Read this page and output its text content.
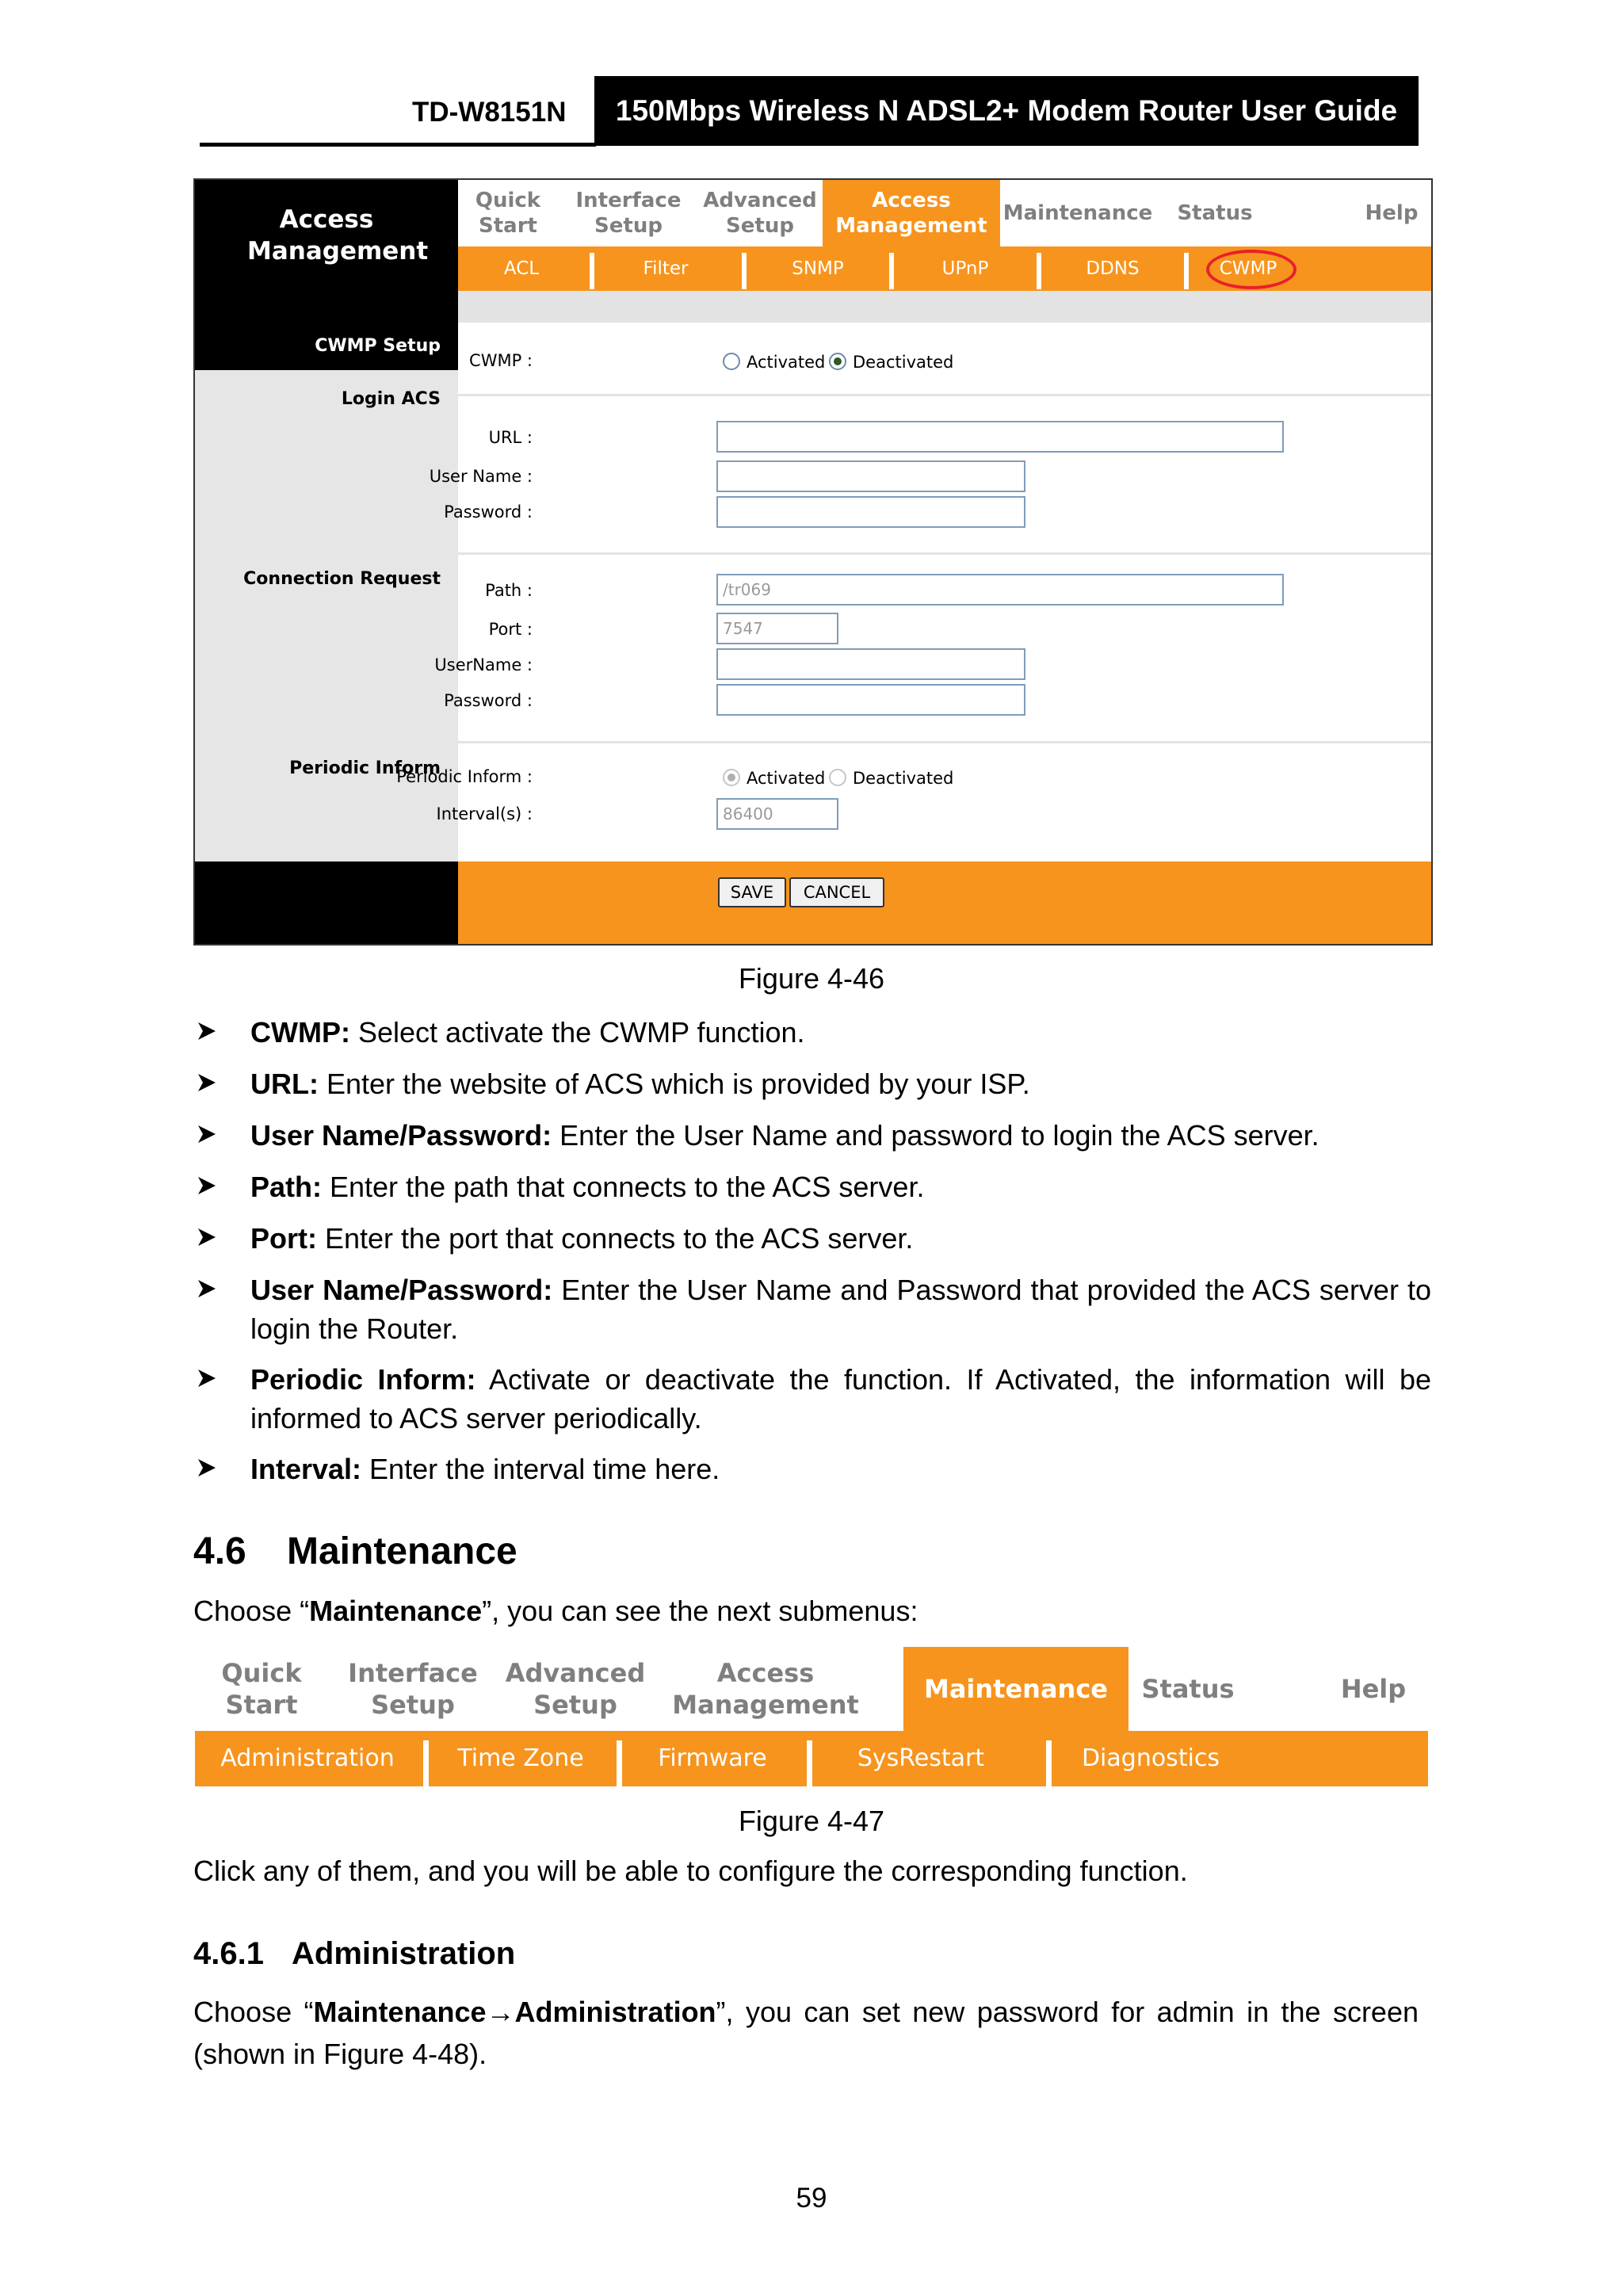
TD-W8151N	150Mbps Wireless N ADSL2+ Modem Router User Guide
Access Management
Quick Start
Interface Setup
Advanced Setup
Access Management
Maintenance	Status	Help
ACL	Filter	SNMP	UPnP	DDNS	CWMP
CWMP Setup
Login ACS
Connection Request
Periodic Inform
CWMP :	Activated Deactivated
URL :
User Name :
Password :
Path :	/tr069
Port :	7547
UserName :
Password :
Periodic Inform :	Activated Deactivated
Interval(s) :	86400
SAVE	CANCEL
Figure 4-46
CWMP: Select activate the CWMP function.
URL: Enter the website of ACS which is provided by your ISP.
User Name/Password: Enter the User Name and password to login the ACS server.
Path: Enter the path that connects to the ACS server.
Port: Enter the port that connects to the ACS server.
User Name/Password: Enter the User Name and Password that provided the ACS server to login the Router.
Periodic Inform: Activate or deactivate the function. If Activated, the information will be informed to ACS server periodically.
Interval: Enter the interval time here.
4.6 Maintenance
Choose “Maintenance”, you can see the next submenus:
Quick Start
Interface Setup
Advanced Setup
Access Management
Maintenance	Status	Help
Administration	Time Zone	Firmware	SysRestart	Diagnostics
Figure 4-47
Click any of them, and you will be able to configure the corresponding function.
4.6.1 Administration
Choose “Maintenance→Administration”, you can set new password for admin in the screen (shown in Figure 4-48).
59
